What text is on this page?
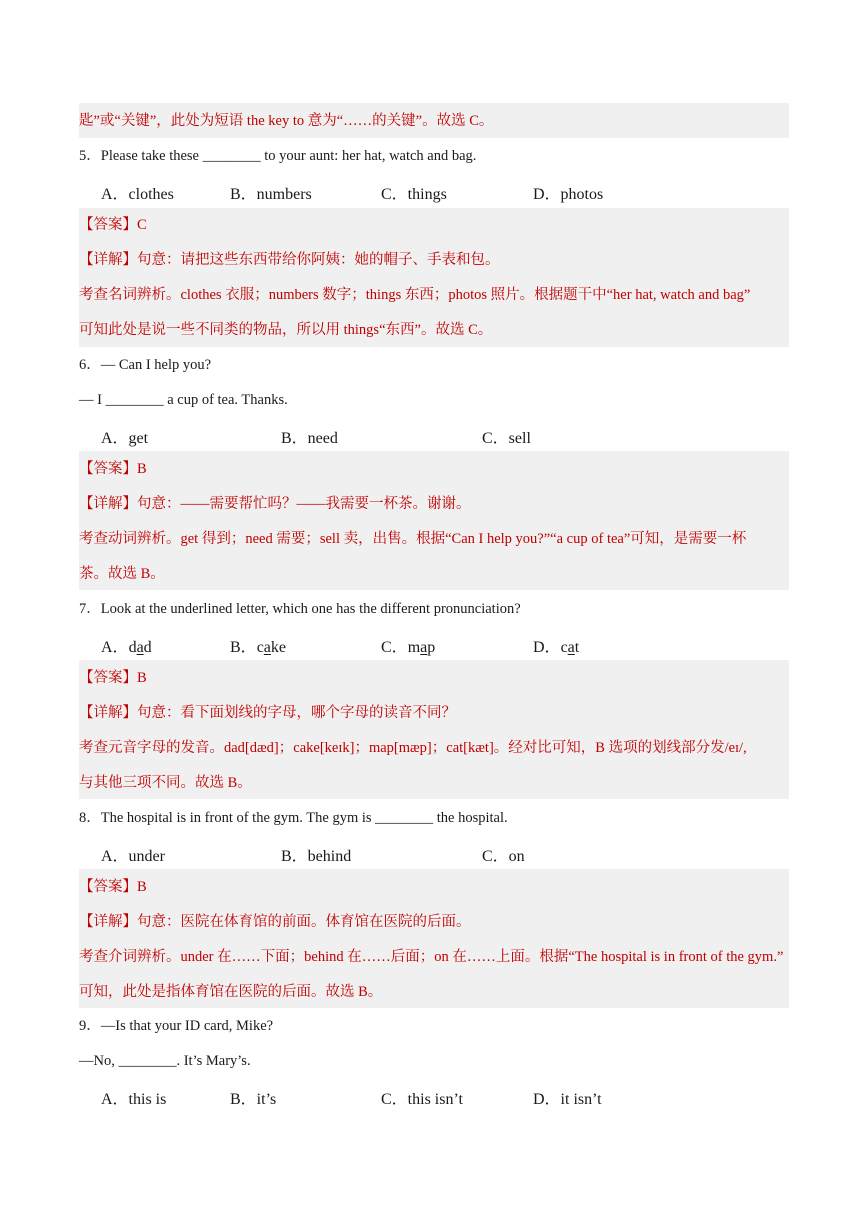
匙”或“关键”，此处为短语 the key to 意为“……的关键”。故选 C。
5．Please take these ________ to your aunt: her hat, watch and bag.
A．clothes	B．numbers	C．things	D．photos
【答案】C
【详解】句意：请把这些东西带给你阿姨：她的帽子、手表和包。
考查名词辨析。clothes 衣服；numbers 数字；things 东西；photos 照片。根据题干中“her hat, watch and bag”
可知此处是说一些不同类的物品，所以用 things“东西”。故选 C。
6．— Can I help you?
— I ________ a cup of tea. Thanks.
A．get	B．need	C．sell
【答案】B
【详解】句意：——需要帮忙吗？——我需要一杯茶。谢谢。
考查动词辨析。get 得到；need 需要；sell 卖，出售。根据“Can I help you?”“a cup of tea”可知，是需要一杯
茶。故选 B。
7．Look at the underlined letter, which one has the different pronunciation?
A．dad	B．cake	C．map	D．cat
【答案】B
【详解】句意：看下面划线的字母，哪个字母的读音不同？
考查元音字母的发音。dad[dæd]；cake[keɪk]；map[mæp]；cat[kæt]。经对比可知，B 选项的划线部分发/eɪ/,
与其他三项不同。故选 B。
8．The hospital is in front of the gym. The gym is ________ the hospital.
A．under	B．behind	C．on
【答案】B
【详解】句意：医院在体育馆的前面。体育馆在医院的后面。
考查介词辨析。under 在……下面；behind 在……后面；on 在……上面。根据“The hospital is in front of the gym.”
可知，此处是指体育馆在医院的后面。故选 B。
9．—Is that your ID card, Mike?
—No, ________. It’s Mary’s.
A．this is	B．it’s	C．this isn’t	D．it isn’t
